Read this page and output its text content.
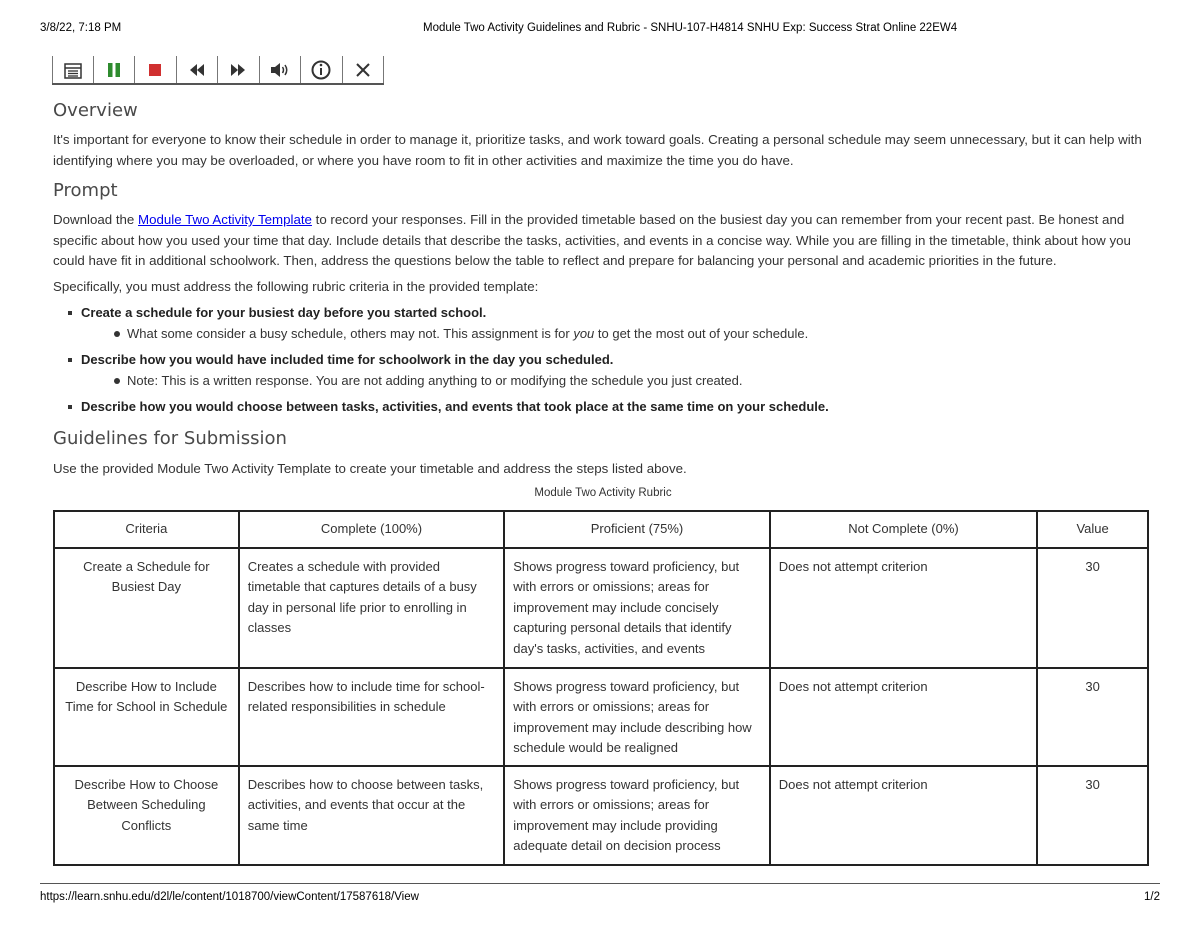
3/8/22, 7:18 PM	Module Two Activity Guidelines and Rubric - SNHU-107-H4814 SNHU Exp: Success Strat Online 22EW4
Overview

It's important for everyone to know their schedule in order to manage it, prioritize tasks, and work toward goals. Creating a personal schedule may seem unnecessary, but it can help with identifying where you may be overloaded, or where you have room to fit in other activities and maximize the time you do have.

Prompt

Download the Module Two Activity Template to record your responses. Fill in the provided timetable based on the busiest day you can remember from your recent past. Be honest and specific about how you used your time that day. Include details that describe the tasks, activities, and events in a concise way. While you are filling in the timetable, think about how you could have fit in additional schoolwork. Then, address the questions below the table to reflect and prepare for balancing your personal and academic priorities in the future.

Specifically, you must address the following rubric criteria in the provided template:

Create a schedule for your busiest day before you started school.
What some consider a busy schedule, others may not. This assignment is for you to get the most out of your schedule.
Describe how you would have included time for schoolwork in the day you scheduled.
Note: This is a written response. You are not adding anything to or modifying the schedule you just created.
Describe how you would choose between tasks, activities, and events that took place at the same time on your schedule.
Guidelines for Submission

Use the provided Module Two Activity Template to create your timetable and address the steps listed above.

Module Two Activity Rubric
Criteria	Complete (100%)	Proficient (75%)	Not Complete (0%)	Value
Create a Schedule for Busiest Day	Creates a schedule with provided timetable that captures details of a busy day in personal life prior to enrolling in classes	Shows progress toward proficiency, but with errors or omissions; areas for improvement may include concisely capturing personal details that identify day's tasks, activities, and events	Does not attempt criterion	30
Describe How to Include Time for School in Schedule	Describes how to include time for school-related responsibilities in schedule	Shows progress toward proficiency, but with errors or omissions; areas for improvement may include describing how schedule would be realigned	Does not attempt criterion	30
Describe How to Choose Between Scheduling Conflicts	Describes how to choose between tasks, activities, and events that occur at the same time	Shows progress toward proficiency, but with errors or omissions; areas for improvement may include providing adequate detail on decision process	Does not attempt criterion	30
https://learn.snhu.edu/d2l/le/content/1018700/viewContent/17587618/View	1/2
